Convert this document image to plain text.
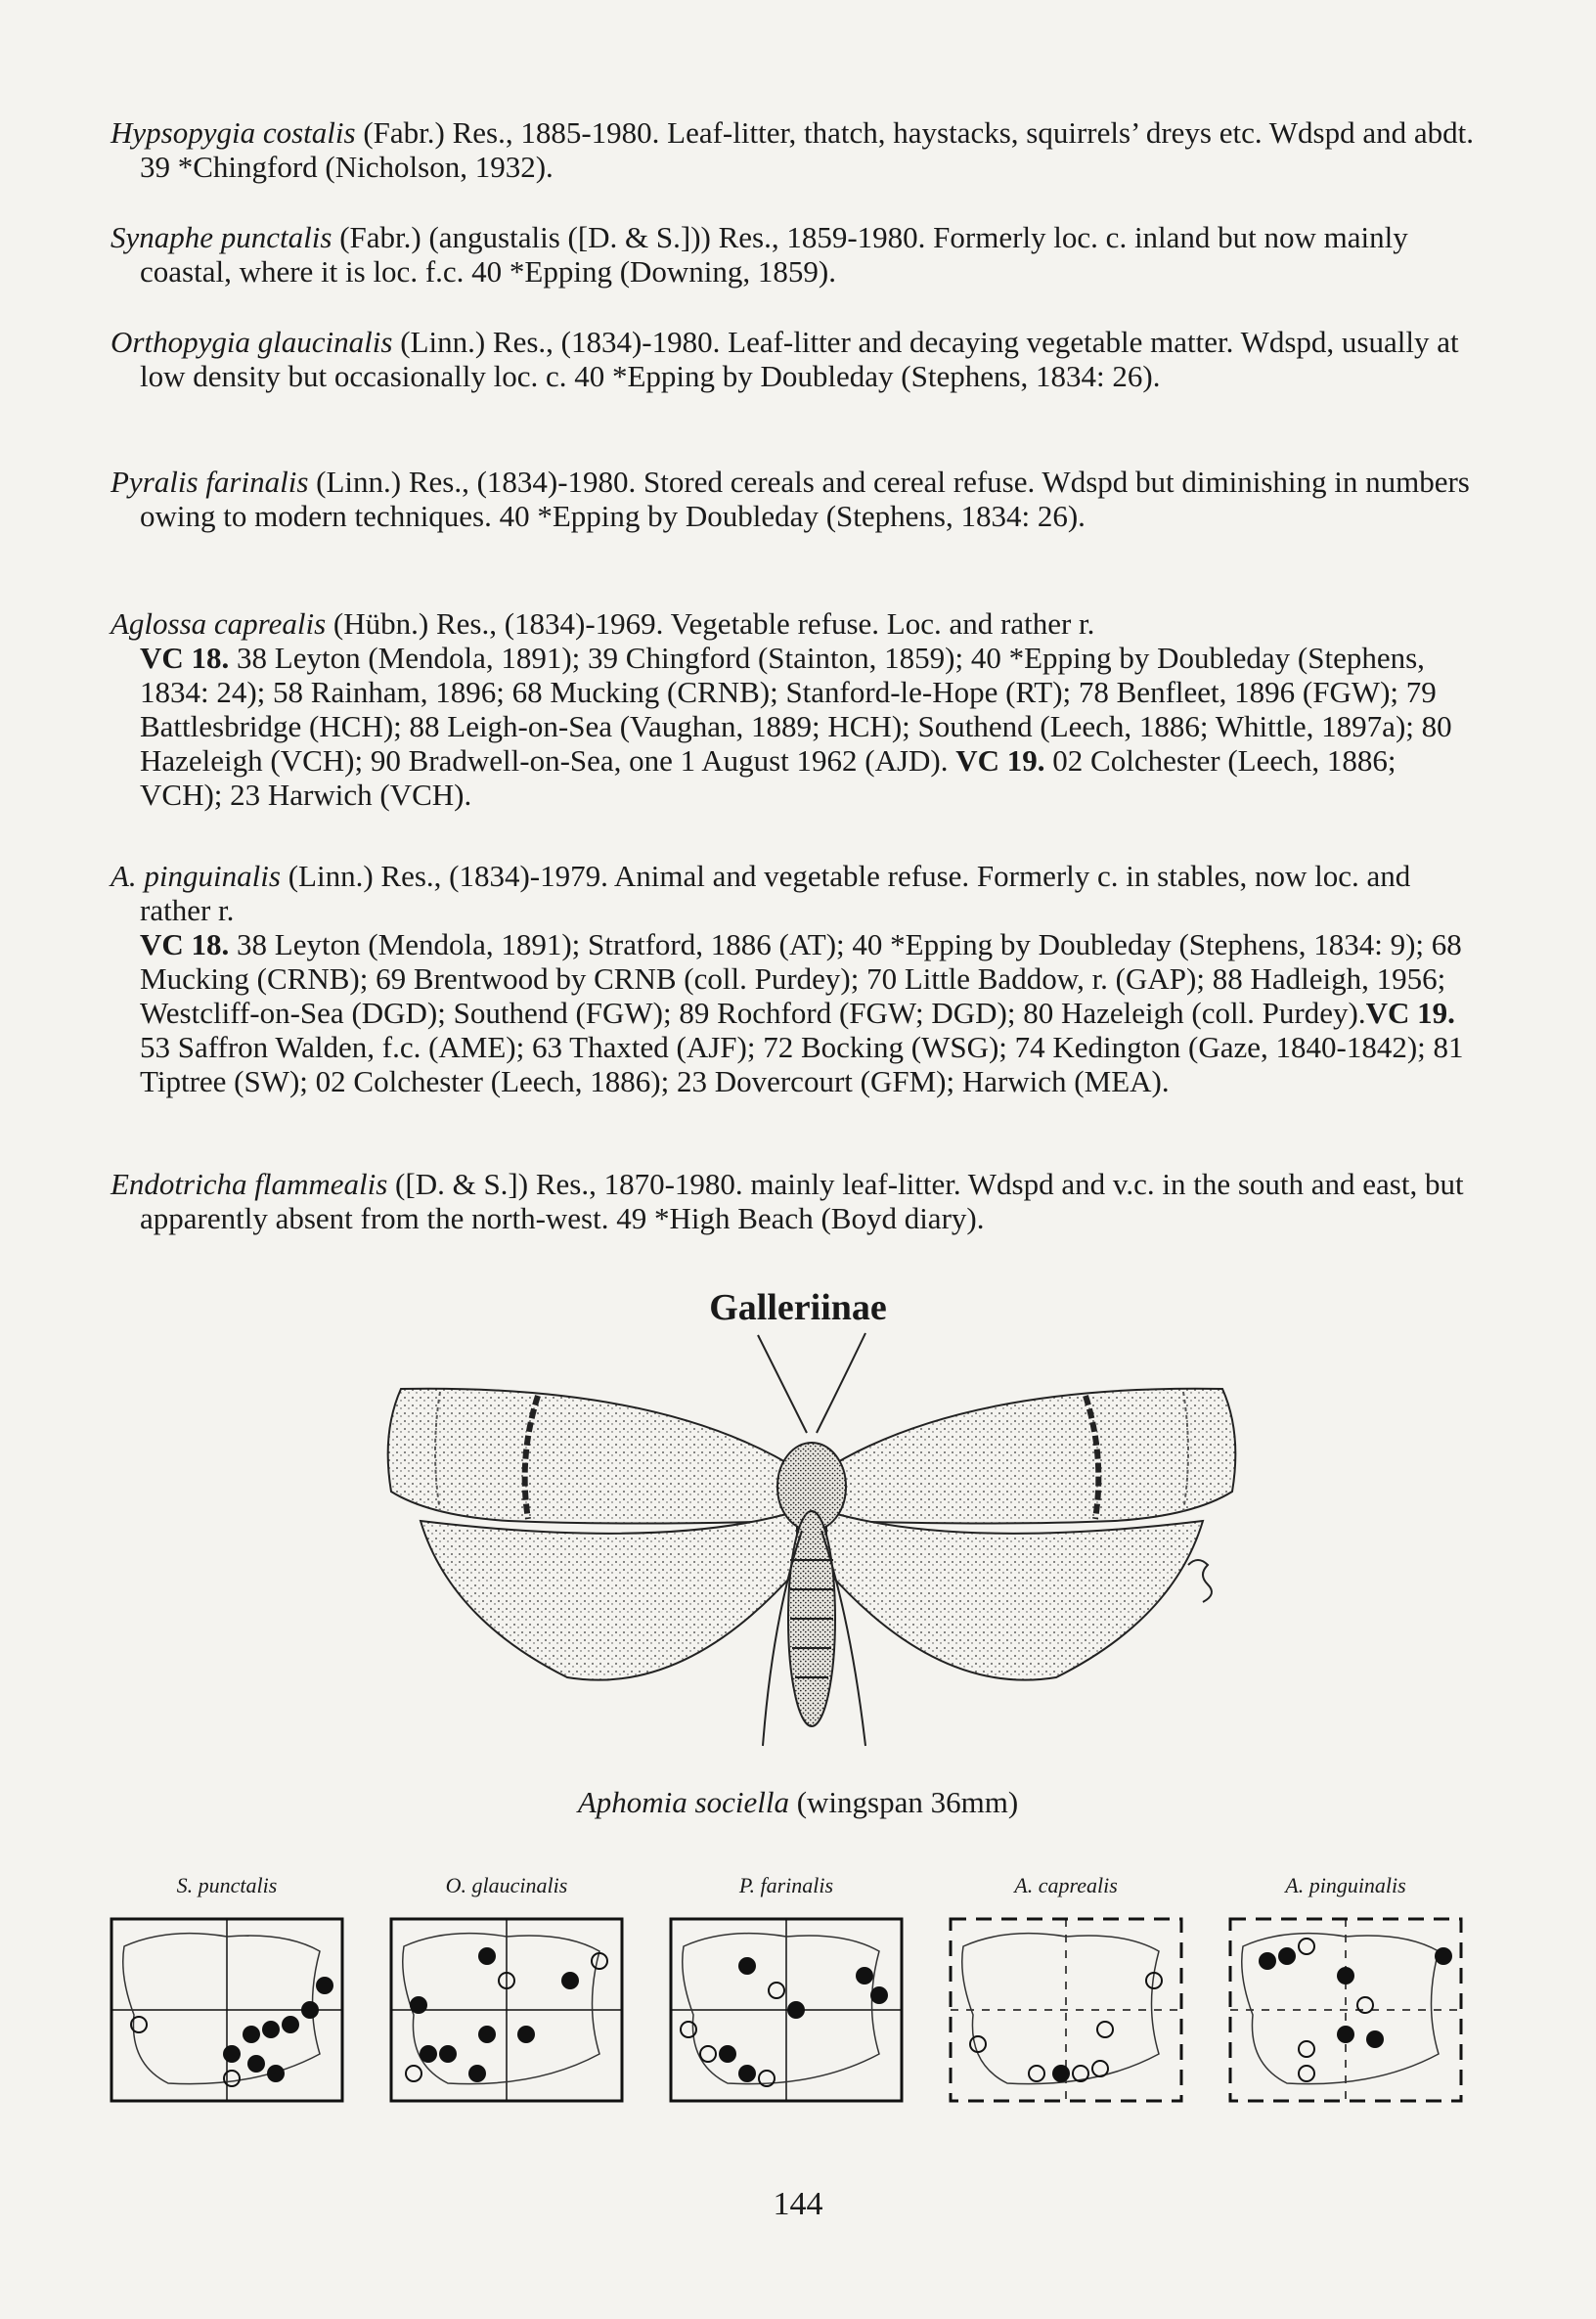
Hypsopygia costalis (Fabr.) Res., 1885-1980. Leaf-litter, thatch, haystacks, squirrels’ dreys etc. Wdspd and abdt. 39 *Chingford (Nicholson, 1932).

Synaphe punctalis (Fabr.) (angustalis ([D. & S.])) Res., 1859-1980. Formerly loc. c. inland but now mainly coastal, where it is loc. f.c. 40 *Epping (Downing, 1859).

Orthopygia glaucinalis (Linn.) Res., (1834)-1980. Leaf-litter and decaying vegetable matter. Wdspd, usually at low density but occasionally loc. c. 40 *Epping by Doubleday (Stephens, 1834: 26).

Pyralis farinalis (Linn.) Res., (1834)-1980. Stored cereals and cereal refuse. Wdspd but diminishing in numbers owing to modern techniques. 40 *Epping by Doubleday (Stephens, 1834: 26).

Aglossa caprealis (Hübn.) Res., (1834)-1969. Vegetable refuse. Loc. and rather r.
VC 18. 38 Leyton (Mendola, 1891); 39 Chingford (Stainton, 1859); 40 *Epping by Doubleday (Stephens, 1834: 24); 58 Rainham, 1896; 68 Mucking (CRNB); Stanford-le-Hope (RT); 78 Benfleet, 1896 (FGW); 79 Battlesbridge (HCH); 88 Leigh-on-Sea (Vaughan, 1889; HCH); Southend (Leech, 1886; Whittle, 1897a); 80 Hazeleigh (VCH); 90 Bradwell-on-Sea, one 1 August 1962 (AJD). VC 19. 02 Colchester (Leech, 1886; VCH); 23 Harwich (VCH).

A. pinguinalis (Linn.) Res., (1834)-1979. Animal and vegetable refuse. Formerly c. in stables, now loc. and rather r.
VC 18. 38 Leyton (Mendola, 1891); Stratford, 1886 (AT); 40 *Epping by Doubleday (Stephens, 1834: 9); 68 Mucking (CRNB); 69 Brentwood by CRNB (coll. Purdey); 70 Little Baddow, r. (GAP); 88 Hadleigh, 1956; Westcliff-on-Sea (DGD); Southend (FGW); 89 Rochford (FGW; DGD); 80 Hazeleigh (coll. Purdey).VC 19. 53 Saffron Walden, f.c. (AME); 63 Thaxted (AJF); 72 Bocking (WSG); 74 Kedington (Gaze, 1840-1842); 81 Tiptree (SW); 02 Colchester (Leech, 1886); 23 Dovercourt (GFM); Harwich (MEA).

Endotricha flammealis ([D. & S.]) Res., 1870-1980. mainly leaf-litter. Wdspd and v.c. in the south and east, but apparently absent from the north-west. 49 *High Beach (Boyd diary).

Galleriinae
Aphomia sociella (wingspan 36mm)
S. punctalis	O. glaucinalis	P. farinalis	A. caprealis	A. pinguinalis
144
